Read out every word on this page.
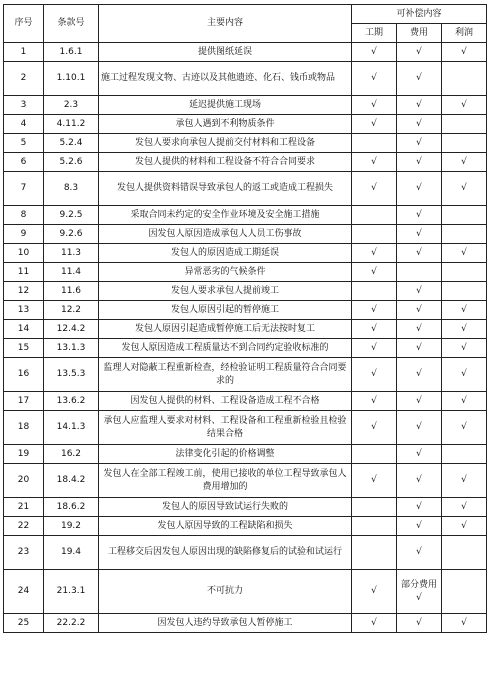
序号	条款号	主要内容	可补偿内容		
			工期	费用	利润
1	1.6.1	提供图纸延误	√	√	√
2	1.10.1	施工过程发现文物、古迹以及其他遗迹、化石、钱币或物品	√	√	
3	2.3	延迟提供施工现场	√	√	√
4	4.11.2	承包人遇到不利物质条件	√	√	
5	5.2.4	发包人要求向承包人提前交付材料和工程设备		√	
6	5.2.6	发包人提供的材料和工程设备不符合合同要求	√	√	√
7	8.3	发包人提供资料错误导致承包人的返工或造成工程损失	√	√	√
8	9.2.5	采取合同未约定的安全作业环境及安全施工措施		√	
9	9.2.6	因发包人原因造成承包人人员工伤事故		√	
10	11.3	发包人的原因造成工期延误	√	√	√
11	11.4	异常恶劣的气候条件	√		
12	11.6	发包人要求承包人提前竣工		√	
13	12.2	发包人原因引起的暂停施工	√	√	√
14	12.4.2	发包人原因引起造成暂停施工后无法按时复工	√	√	√
15	13.1.3	发包人原因造成工程质量达不到合同约定验收标准的	√	√	√
16	13.5.3	监理人对隐蔽工程重新检查，经检验证明工程质量符合合同要求的	√	√	√
17	13.6.2	因发包人提供的材料、工程设备造成工程不合格	√	√	√
18	14.1.3	承包人应监理人要求对材料、工程设备和工程重新检验且检验结果合格	√	√	√
19	16.2	法律变化引起的价格调整		√	
20	18.4.2	发包人在全部工程竣工前，使用已接收的单位工程导致承包人费用增加的	√	√	√
21	18.6.2	发包人的原因导致试运行失败的		√	√
22	19.2	发包人原因导致的工程缺陷和损失		√	√
23	19.4	工程移交后因发包人原因出现的缺陷修复后的试验和试运行		√	
24	21.3.1	不可抗力	√	部分费用√	
25	22.2.2	因发包人违约导致承包人暂停施工	√	√	√
